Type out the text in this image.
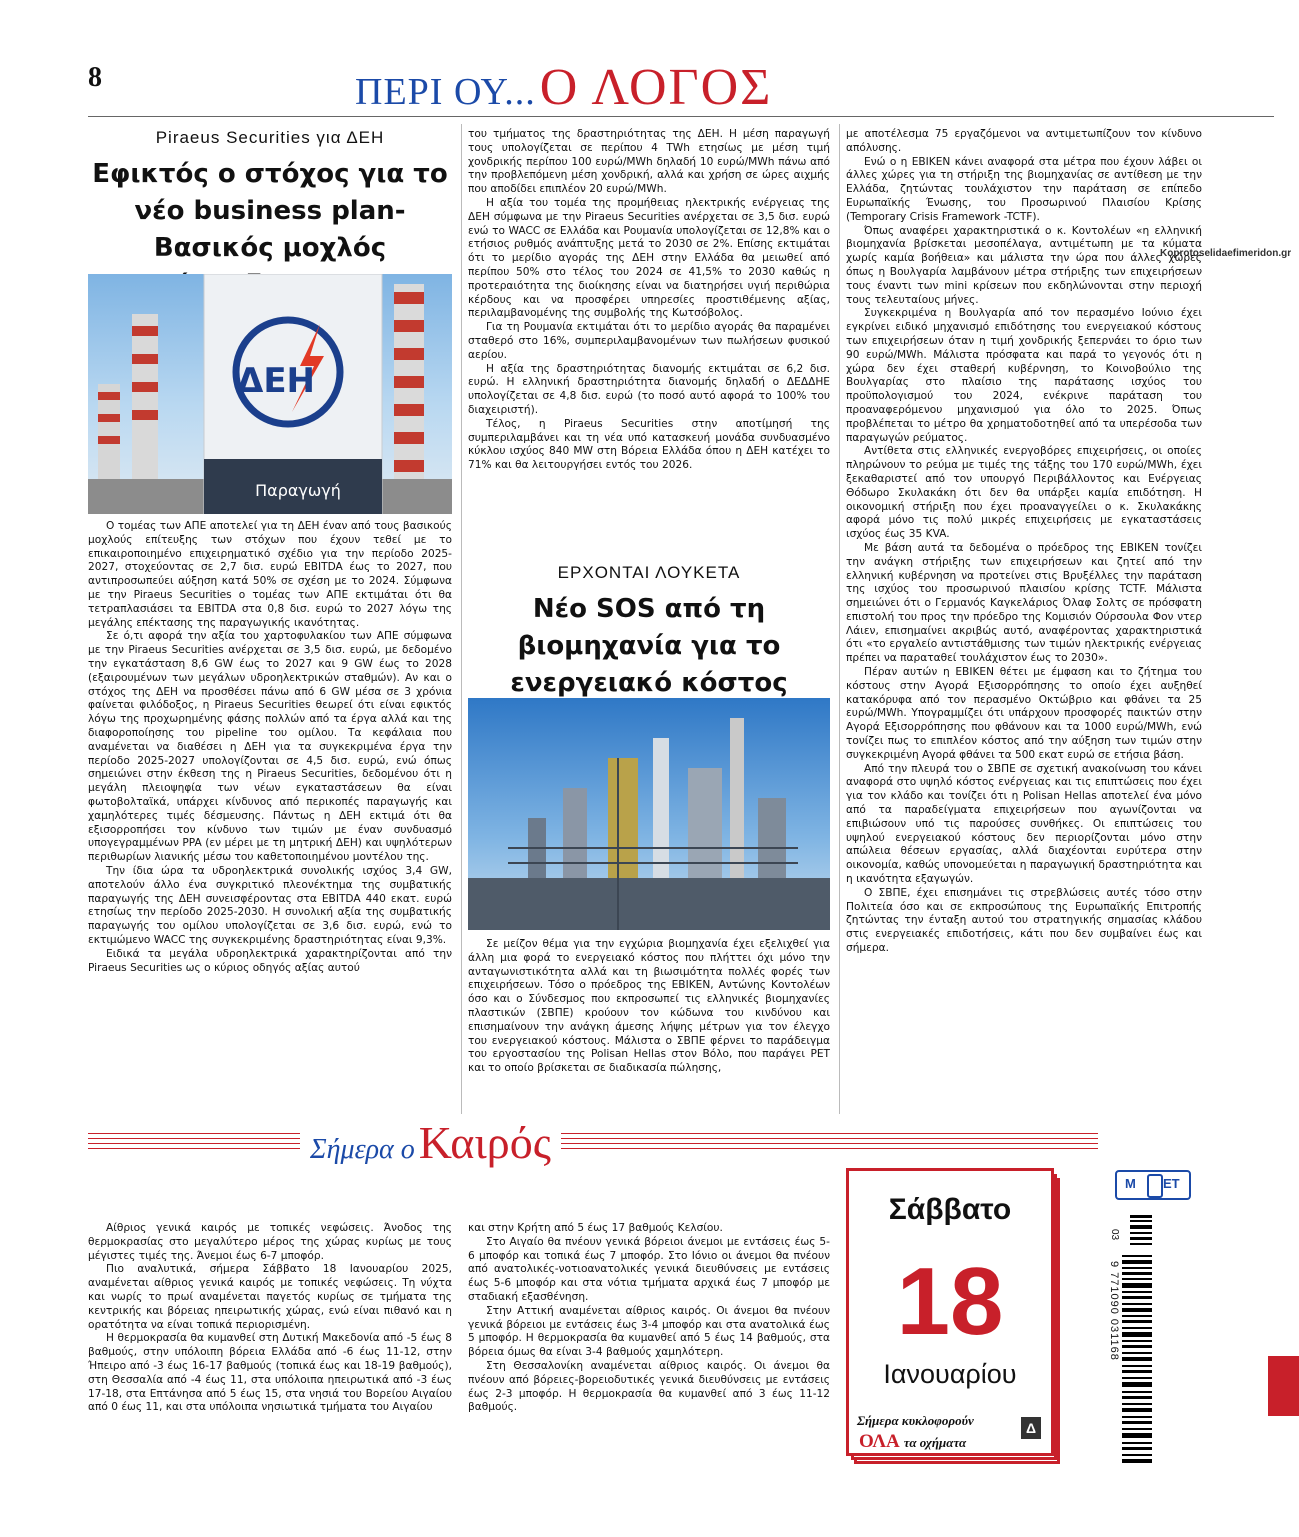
8	ΠΕΡΙ ΟΥ... Ο ΛΟΓΟΣ
Koprotoselidaefimeridon.gr
Piraeus Securities για ΔΕΗ
Εφικτός ο στόχος για το νέο business plan-Βασικός μοχλός
ΔΕΗ
Παραγωγή

Ο τομέας των ΑΠΕ αποτελεί για τη ΔΕΗ έναν από τους βασικούς μοχλούς επίτευξης των στόχων που έχουν τεθεί με το επικαιροποιημένο επιχειρηματικό σχέδιο για την περίοδο 2025-2027, στοχεύοντας σε 2,7 δισ. ευρώ EBITDA έως το 2027, που αντιπροσωπεύει αύξηση κατά 50% σε σχέση με το 2024. Σύμφωνα με την Piraeus Securities ο τομέας των ΑΠΕ εκτιμάται ότι θα τετραπλασιάσει τα EBITDA στα 0,8 δισ. ευρώ το 2027 λόγω της μεγάλης επέκτασης της παραγωγικής ικανότητας.

Σε ό,τι αφορά την αξία του χαρτοφυλακίου των ΑΠΕ σύμφωνα με την Piraeus Securities ανέρχεται σε 3,5 δισ. ευρώ, με δεδομένο την εγκατάσταση 8,6 GW έως το 2027 και 9 GW έως το 2028 (εξαιρουμένων των μεγάλων υδροηλεκτρικών σταθμών). Αν και ο στόχος της ΔΕΗ να προσθέσει πάνω από 6 GW μέσα σε 3 χρόνια φαίνεται φιλόδοξος, η Piraeus Securities θεωρεί ότι είναι εφικτός λόγω της προχωρημένης φάσης πολλών από τα έργα αλλά και της διαφοροποίησης του pipeline του ομίλου. Τα κεφάλαια που αναμένεται να διαθέσει η ΔΕΗ για τα συγκεκριμένα έργα την περίοδο 2025-2027 υπολογίζονται σε 4,5 δισ. ευρώ, ενώ όπως σημειώνει στην έκθεση της η Piraeus Securities, δεδομένου ότι η μεγάλη πλειοψηφία των νέων εγκαταστάσεων θα είναι φωτοβολταϊκά, υπάρχει κίνδυνος από περικοπές παραγωγής και χαμηλότερες τιμές δέσμευσης. Πάντως η ΔΕΗ εκτιμά ότι θα εξισορροπήσει τον κίνδυνο των τιμών με έναν συνδυασμό υπογεγραμμένων PPA (εν μέρει με τη μητρική ΔΕΗ) και υψηλότερων περιθωρίων λιανικής μέσω του καθετοποιημένου μοντέλου της.

Την ίδια ώρα τα υδροηλεκτρικά συνολικής ισχύος 3,4 GW, αποτελούν άλλο ένα συγκριτικό πλεονέκτημα της συμβατικής παραγωγής της ΔΕΗ συνεισφέροντας στα EBITDA 440 εκατ. ευρώ ετησίως την περίοδο 2025-2030. Η συνολική αξία της συμβατικής παραγωγής του ομίλου υπολογίζεται σε 3,6 δισ. ευρώ, ενώ το εκτιμώμενο WACC της συγκεκριμένης δραστηριότητας είναι 9,3%.

Ειδικά τα μεγάλα υδροηλεκτρικά χαρακτηρίζονται από την Piraeus Securities ως ο κύριος οδηγός αξίας αυτού

του τμήματος της δραστηριότητας της ΔΕΗ. Η μέση παραγωγή τους υπολογίζεται σε περίπου 4 TWh ετησίως με μέση τιμή χονδρικής περίπου 100 ευρώ/MWh δηλαδή 10 ευρώ/MWh πάνω από την προβλεπόμενη μέση χονδρική, αλλά και χρήση σε ώρες αιχμής που αποδίδει επιπλέον 20 ευρώ/MWh.

Η αξία του τομέα της προμήθειας ηλεκτρικής ενέργειας της ΔΕΗ σύμφωνα με την Piraeus Securities ανέρχεται σε 3,5 δισ. ευρώ ενώ το WACC σε Ελλάδα και Ρουμανία υπολογίζεται σε 12,8% και ο ετήσιος ρυθμός ανάπτυξης μετά το 2030 σε 2%. Επίσης εκτιμάται ότι το μερίδιο αγοράς της ΔΕΗ στην Ελλάδα θα μειωθεί από περίπου 50% στο τέλος του 2024 σε 41,5% το 2030 καθώς η προτεραιότητα της διοίκησης είναι να διατηρήσει υγιή περιθώρια κέρδους και να προσφέρει υπηρεσίες προστιθέμενης αξίας, περιλαμβανομένης της συμβολής της Κωτσόβολος.

Για τη Ρουμανία εκτιμάται ότι το μερίδιο αγοράς θα παραμένει σταθερό στο 16%, συμπεριλαμβανομένων των πωλήσεων φυσικού αερίου.

Η αξία της δραστηριότητας διανομής εκτιμάται σε 6,2 δισ. ευρώ. Η ελληνική δραστηριότητα διανομής δηλαδή ο ΔΕΔΔΗΕ υπολογίζεται σε 4,8 δισ. ευρώ (το ποσό αυτό αφορά το 100% του διαχειριστή).

Τέλος, η Piraeus Securities στην αποτίμησή της συμπεριλαμβάνει και τη νέα υπό κατασκευή μονάδα συνδυασμένο κύκλου ισχύος 840 MW στη Βόρεια Ελλάδα όπου η ΔΕΗ κατέχει το 71% και θα λειτουργήσει εντός του 2026.

ΕΡΧΟΝΤΑΙ ΛΟΥΚΕΤΑ
Νέο SOS από τη βιομηχανία για το ενεργειακό κόστος

Σε μείζον θέμα για την εγχώρια βιομηχανία έχει εξελιχθεί για άλλη μια φορά το ενεργειακό κόστος που πλήττει όχι μόνο την ανταγωνιστικότητα αλλά και τη βιωσιμότητα πολλές φορές των επιχειρήσεων. Τόσο ο πρόεδρος της ΕΒΙΚΕΝ, Αντώνης Κοντολέων όσο και ο Σύνδεσμος που εκπροσωπεί τις ελληνικές βιομηχανίες πλαστικών (ΣΒΠΕ) κρούουν τον κώδωνα του κινδύνου και επισημαίνουν την ανάγκη άμεσης λήψης μέτρων για τον έλεγχο του ενεργειακού κόστους. Μάλιστα ο ΣΒΠΕ φέρνει το παράδειγμα του εργοστασίου της Polisan Hellas στον Βόλο, που παράγει PET και το οποίο βρίσκεται σε διαδικασία πώλησης,

με αποτέλεσμα 75 εργαζόμενοι να αντιμετωπίζουν τον κίνδυνο απόλυσης.

Ενώ ο η ΕΒΙΚΕΝ κάνει αναφορά στα μέτρα που έχουν λάβει οι άλλες χώρες για τη στήριξη της βιομηχανίας σε αντίθεση με την Ελλάδα, ζητώντας τουλάχιστον την παράταση σε επίπεδο Ευρωπαϊκής Ένωσης, του Προσωρινού Πλαισίου Κρίσης (Temporary Crisis Framework -TCTF).

Όπως αναφέρει χαρακτηριστικά ο κ. Κοντολέων «η ελληνική βιομηχανία βρίσκεται μεσοπέλαγα, αντιμέτωπη με τα κύματα χωρίς καμία βοήθεια» και μάλιστα την ώρα που άλλες χώρες όπως η Βουλγαρία λαμβάνουν μέτρα στήριξης των επιχειρήσεων τους έναντι των mini κρίσεων που εκδηλώνονται στην περιοχή τους τελευταίους μήνες.

Συγκεκριμένα η Βουλγαρία από τον περασμένο Ιούνιο έχει εγκρίνει ειδικό μηχανισμό επιδότησης του ενεργειακού κόστους των επιχειρήσεων όταν η τιμή χονδρικής ξεπερνάει το όριο των 90 ευρώ/MWh. Μάλιστα πρόσφατα και παρά το γεγονός ότι η χώρα δεν έχει σταθερή κυβέρνηση, το Κοινοβούλιο της Βουλγαρίας στο πλαίσιο της παράτασης ισχύος του προϋπολογισμού του 2024, ενέκρινε παράταση του προαναφερόμενου μηχανισμού για όλο το 2025. Όπως προβλέπεται το μέτρο θα χρηματοδοτηθεί από τα υπερέσοδα των παραγωγών ρεύματος.

Αντίθετα στις ελληνικές ενεργοβόρες επιχειρήσεις, οι οποίες πληρώνουν το ρεύμα με τιμές της τάξης του 170 ευρώ/MWh, έχει ξεκαθαριστεί από τον υπουργό Περιβάλλοντος και Ενέργειας Θόδωρο Σκυλακάκη ότι δεν θα υπάρξει καμία επιδότηση. Η οικονομική στήριξη που έχει προαναγγείλει ο κ. Σκυλακάκης αφορά μόνο τις πολύ μικρές επιχειρήσεις με εγκαταστάσεις ισχύος έως 35 KVA.

Με βάση αυτά τα δεδομένα ο πρόεδρος της ΕΒΙΚΕΝ τονίζει την ανάγκη στήριξης των επιχειρήσεων και ζητεί από την ελληνική κυβέρνηση να προτείνει στις Βρυξέλλες την παράταση της ισχύος του προσωρινού πλαισίου κρίσης TCTF. Μάλιστα σημειώνει ότι ο Γερμανός Καγκελάριος Όλαφ Σολτς σε πρόσφατη επιστολή του προς την πρόεδρο της Κομισιόν Ούρσουλα Φον ντερ Λάιεν, επισημαίνει ακριβώς αυτό, αναφέροντας χαρακτηριστικά ότι «το εργαλείο αντιστάθμισης των τιμών ηλεκτρικής ενέργειας πρέπει να παραταθεί τουλάχιστον έως το 2030».

Πέραν αυτών η ΕΒΙΚΕΝ θέτει με έμφαση και το ζήτημα του κόστους στην Αγορά Εξισορρόπησης το οποίο έχει αυξηθεί κατακόρυφα από τον περασμένο Οκτώβριο και φθάνει τα 25 ευρώ/MWh. Υπογραμμίζει ότι υπάρχουν προσφορές παικτών στην Αγορά Εξισορρόπησης που φθάνουν και τα 1000 ευρώ/MWh, ενώ τονίζει πως το επιπλέον κόστος από την αύξηση των τιμών στην συγκεκριμένη Αγορά φθάνει τα 500 εκατ ευρώ σε ετήσια βάση.

Από την πλευρά του ο ΣΒΠΕ σε σχετική ανακοίνωση του κάνει αναφορά στο υψηλό κόστος ενέργειας και τις επιπτώσεις που έχει για τον κλάδο και τονίζει ότι η Polisan Hellas αποτελεί ένα μόνο από τα παραδείγματα επιχειρήσεων που αγωνίζονται να επιβιώσουν υπό τις παρούσες συνθήκες. Οι επιπτώσεις του υψηλού ενεργειακού κόστους δεν περιορίζονται μόνο στην απώλεια θέσεων εργασίας, αλλά διαχέονται ευρύτερα στην οικονομία, καθώς υπονομεύεται η παραγωγική δραστηριότητα και η ικανότητα εξαγωγών.

Ο ΣΒΠΕ, έχει επισημάνει τις στρεβλώσεις αυτές τόσο στην Πολιτεία όσο και σε εκπροσώπους της Ευρωπαϊκής Επιτροπής ζητώντας την ένταξη αυτού του στρατηγικής σημασίας κλάδου στις ενεργειακές επιδοτήσεις, κάτι που δεν συμβαίνει έως και σήμερα.

Σήμερα ο Καιρός

Αίθριος γενικά καιρός με τοπικές νεφώσεις. Άνοδος της θερμοκρασίας στο μεγαλύτερο μέρος της χώρας κυρίως με τους μέγιστες τιμές της. Άνεμοι έως 6-7 μποφόρ.

Πιο αναλυτικά, σήμερα Σάββατο 18 Ιανουαρίου 2025, αναμένεται αίθριος γενικά καιρός με τοπικές νεφώσεις. Τη νύχτα και νωρίς το πρωί αναμένεται παγετός κυρίως σε τμήματα της κεντρικής και βόρειας ηπειρωτικής χώρας, ενώ είναι πιθανό και η ορατότητα να είναι τοπικά περιορισμένη.

Η θερμοκρασία θα κυμανθεί στη Δυτική Μακεδονία από -5 έως 8 βαθμούς, στην υπόλοιπη βόρεια Ελλάδα από -6 έως 11-12, στην Ήπειρο από -3 έως 16-17 βαθμούς (τοπικά έως και 18-19 βαθμούς), στη Θεσσαλία από -4 έως 11, στα υπόλοιπα ηπειρωτικά από -3 έως 17-18, στα Επτάνησα από 5 έως 15, στα νησιά του Βορείου Αιγαίου από 0 έως 11, και στα υπόλοιπα νησιωτικά τμήματα του Αιγαίου

και στην Κρήτη από 5 έως 17 βαθμούς Κελσίου.

Στο Αιγαίο θα πνέουν γενικά βόρειοι άνεμοι με εντάσεις έως 5-6 μποφόρ και τοπικά έως 7 μποφόρ. Στο Ιόνιο οι άνεμοι θα πνέουν από ανατολικές-νοτιοανατολικές γενικά διευθύνσεις με εντάσεις έως 5-6 μποφόρ και στα νότια τμήματα αρχικά έως 7 μποφόρ με σταδιακή εξασθένηση.

Στην Αττική αναμένεται αίθριος καιρός. Οι άνεμοι θα πνέουν γενικά βόρειοι με εντάσεις έως 3-4 μποφόρ και στα ανατολικά έως 5 μποφόρ. Η θερμοκρασία θα κυμανθεί από 5 έως 14 βαθμούς, στα βόρεια όμως θα είναι 3-4 βαθμούς χαμηλότερη.

Στη Θεσσαλονίκη αναμένεται αίθριος καιρός. Οι άνεμοι θα πνέουν από βόρειες-βορειοδυτικές γενικά διευθύνσεις με εντάσεις έως 2-3 μποφόρ. Η θερμοκρασία θα κυμανθεί από 3 έως 11-12 βαθμούς.

Σάββατο
18
Ιανουαρίου
Σήμερα κυκλοφορούν
ΟΛΑ τα οχήματα
Δ
Μ ΕΤ
03
9 771090 031168
